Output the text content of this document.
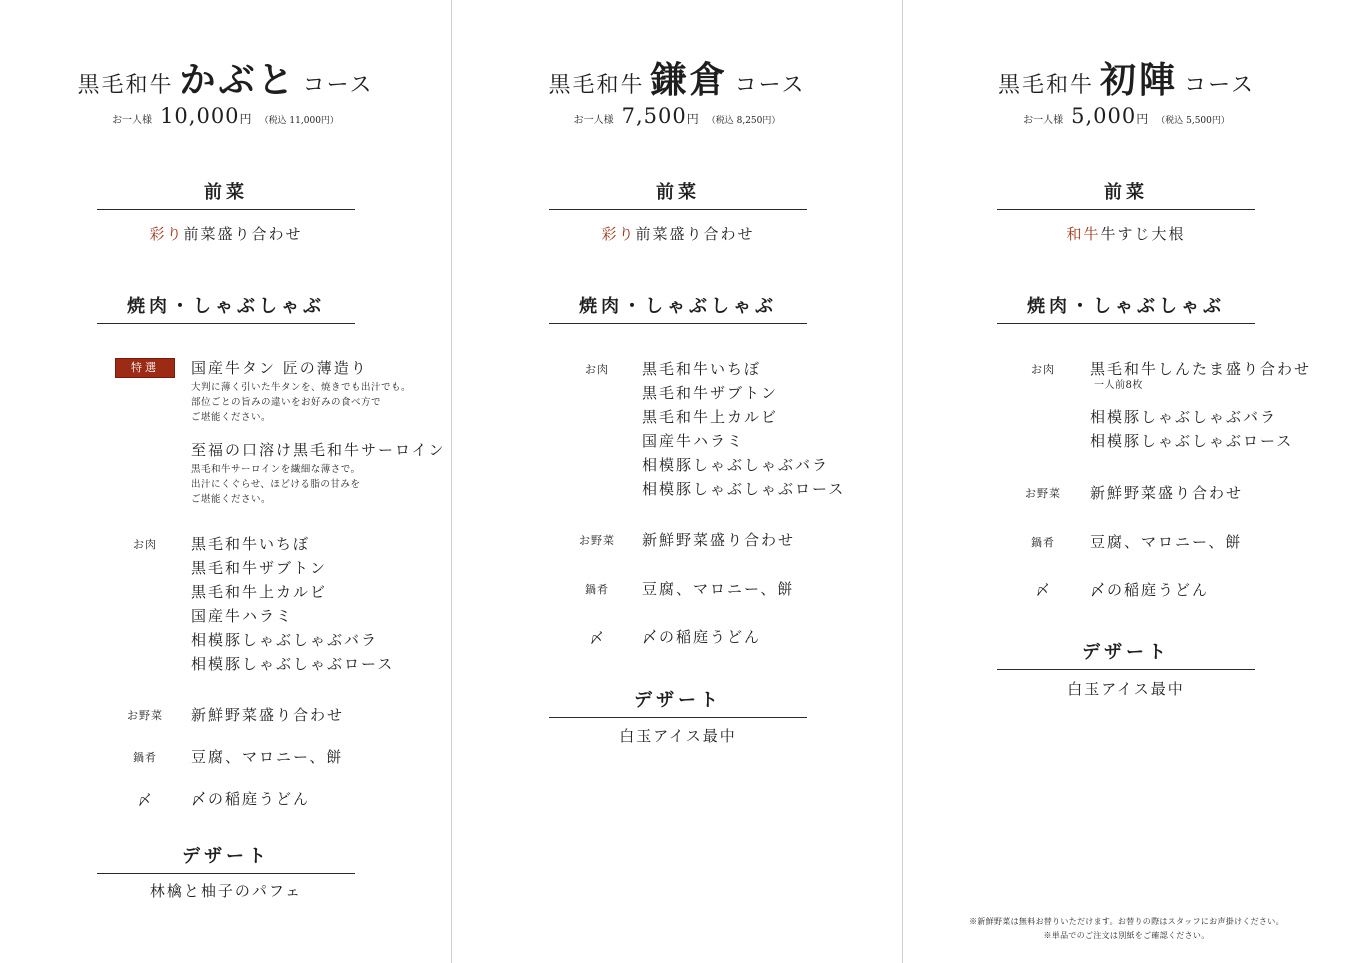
黒毛和牛 かぶと コース
お一人様 10,000 円 （税込 11,000円）
前菜
彩り前菜盛り合わせ
焼肉・しゃぶしゃぶ
特選	国産牛タン 匠の薄造り
大判に薄く引いた牛タンを、焼きでも出汁でも。
部位ごとの旨みの違いをお好みの食べ方で
ご堪能ください。
至福の口溶け黒毛和牛サーロイン
黒毛和牛サーロインを繊細な薄さで。
出汁にくぐらせ、ほどける脂の甘みを
ご堪能ください。
お肉	黒毛和牛いちぼ
黒毛和牛ザブトン
黒毛和牛上カルビ
国産牛ハラミ
相模豚しゃぶしゃぶバラ
相模豚しゃぶしゃぶロース
お野菜	新鮮野菜盛り合わせ
鍋肴	豆腐、マロニー、餅
〆	〆の稲庭うどん
デザート
林檎と柚子のパフェ
黒毛和牛 鎌倉 コース
お一人様 7,500 円 （税込 8,250円）
前菜
彩り前菜盛り合わせ
焼肉・しゃぶしゃぶ
お肉	黒毛和牛いちぼ
黒毛和牛ザブトン
黒毛和牛上カルビ
国産牛ハラミ
相模豚しゃぶしゃぶバラ
相模豚しゃぶしゃぶロース
お野菜	新鮮野菜盛り合わせ
鍋肴	豆腐、マロニー、餅
〆	〆の稲庭うどん
デザート
白玉アイス最中
黒毛和牛 初陣 コース
お一人様 5,000 円 （税込 5,500円）
前菜
和牛牛すじ大根
焼肉・しゃぶしゃぶ
お肉	黒毛和牛しんたま盛り合わせ
一人前8枚
相模豚しゃぶしゃぶバラ
相模豚しゃぶしゃぶロース
お野菜	新鮮野菜盛り合わせ
鍋肴	豆腐、マロニー、餅
〆	〆の稲庭うどん
デザート
白玉アイス最中
※新鮮野菜は無料お替りいただけます。お替りの際はスタッフにお声掛けください。
※単品でのご注文は別紙をご確認ください。
